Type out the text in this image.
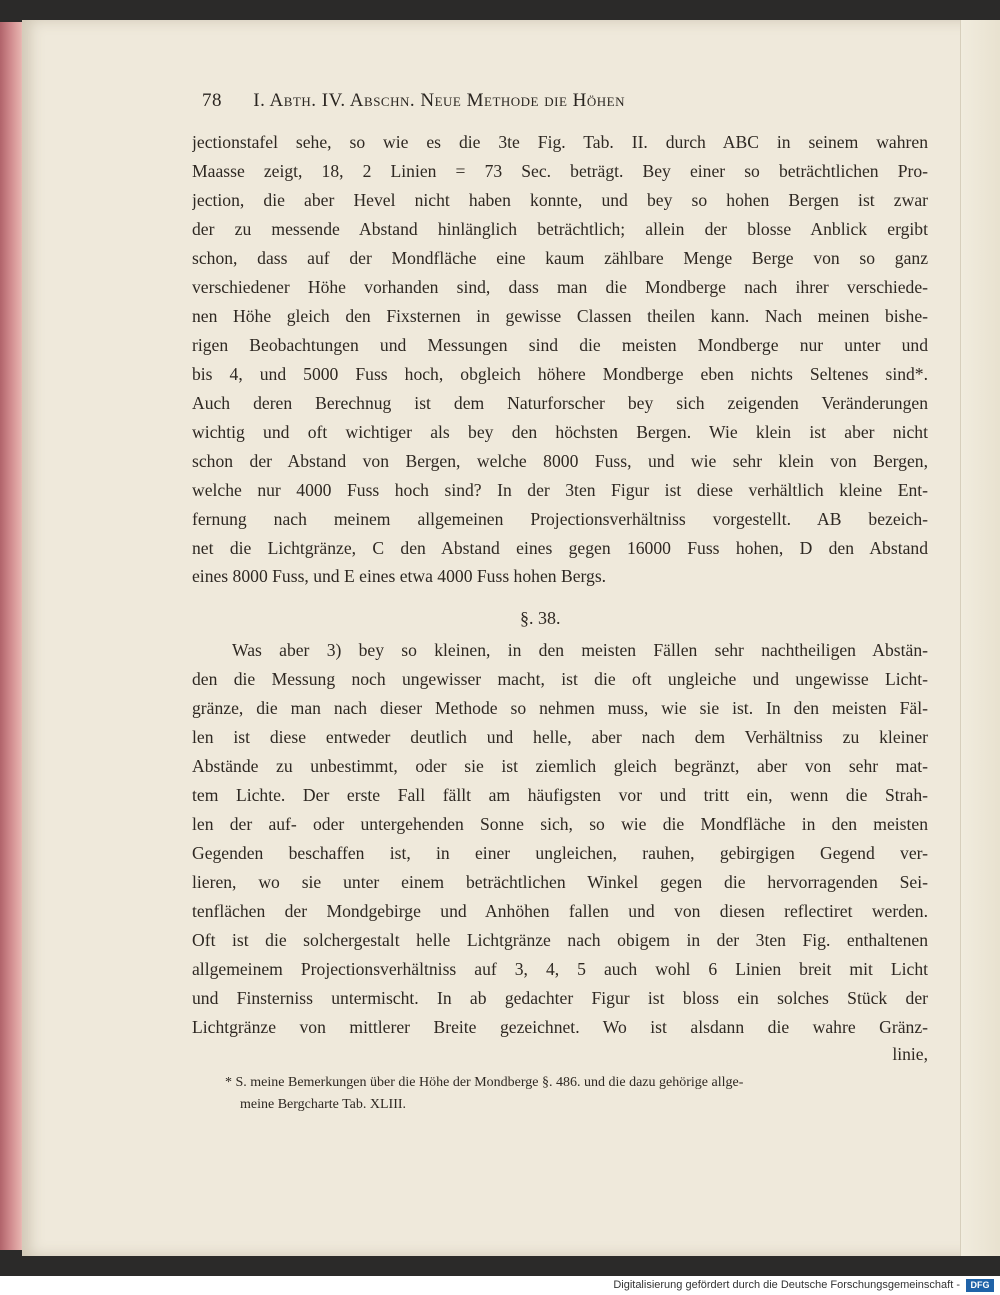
78 I. Abth. IV. Abschn. Neue Methode die Höhen
jectionstafel sehe, so wie es die 3te Fig. Tab. II. durch ABC in seinem wahren
Maasse zeigt, 18, 2 Linien = 73 Sec. beträgt. Bey einer so beträchtlichen Pro-
jection, die aber Hevel nicht haben konnte, und bey so hohen Bergen ist zwar
der zu messende Abstand hinlänglich beträchtlich; allein der blosse Anblick ergibt
schon, dass auf der Mondfläche eine kaum zählbare Menge Berge von so ganz
verschiedener Höhe vorhanden sind, dass man die Mondberge nach ihrer verschiede-
nen Höhe gleich den Fixsternen in gewisse Classen theilen kann. Nach meinen bishe-
rigen Beobachtungen und Messungen sind die meisten Mondberge nur unter und
bis 4, und 5000 Fuss hoch, obgleich höhere Mondberge eben nichts Seltenes sind*.
Auch deren Berechnug ist dem Naturforscher bey sich zeigenden Veränderungen
wichtig und oft wichtiger als bey den höchsten Bergen. Wie klein ist aber nicht
schon der Abstand von Bergen, welche 8000 Fuss, und wie sehr klein von Bergen,
welche nur 4000 Fuss hoch sind? In der 3ten Figur ist diese verhältlich kleine Ent-
fernung nach meinem allgemeinen Projectionsverhältniss vorgestellt. AB bezeich-
net die Lichtgränze, C den Abstand eines gegen 16000 Fuss hohen, D den Abstand
eines 8000 Fuss, und E eines etwa 4000 Fuss hohen Bergs.
§. 38.
Was aber 3) bey so kleinen, in den meisten Fällen sehr nachtheiligen Abstän-
den die Messung noch ungewisser macht, ist die oft ungleiche und ungewisse Licht-
gränze, die man nach dieser Methode so nehmen muss, wie sie ist. In den meisten Fäl-
len ist diese entweder deutlich und helle, aber nach dem Verhältniss zu kleiner
Abstände zu unbestimmt, oder sie ist ziemlich gleich begränzt, aber von sehr mat-
tem Lichte. Der erste Fall fällt am häufigsten vor und tritt ein, wenn die Strah-
len der auf- oder untergehenden Sonne sich, so wie die Mondfläche in den meisten
Gegenden beschaffen ist, in einer ungleichen, rauhen, gebirgigen Gegend ver-
lieren, wo sie unter einem beträchtlichen Winkel gegen die hervorragenden Sei-
tenflächen der Mondgebirge und Anhöhen fallen und von diesen reflectiret werden.
Oft ist die solchergestalt helle Lichtgränze nach obigem in der 3ten Fig. enthaltenen
allgemeinem Projectionsverhältniss auf 3, 4, 5 auch wohl 6 Linien breit mit Licht
und Finsterniss untermischt. In ab gedachter Figur ist bloss ein solches Stück der
Lichtgränze von mittlerer Breite gezeichnet. Wo ist alsdann die wahre Gränz-
linie,
* S. meine Bemerkungen über die Höhe der Mondberge §. 486. und die dazu gehörige allge-
meine Bergcharte Tab. XLIII.
Digitalisierung gefördert durch die Deutsche Forschungsgemeinschaft -	DFG
